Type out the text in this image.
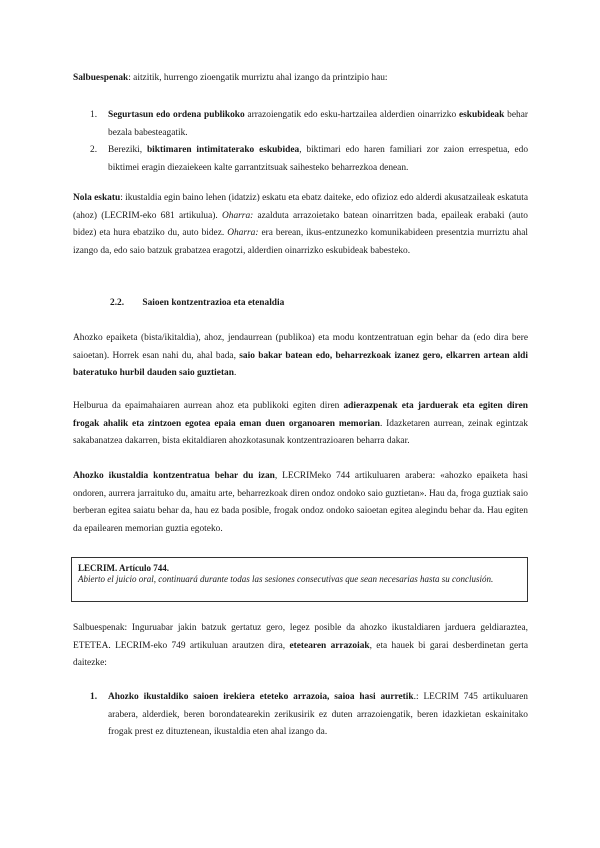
Salbuespenak: aitzitik, hurrengo zioengatik murriztu ahal izango da printzipio hau:

1. Segurtasun edo ordena publikoko arrazoiengatik edo esku-hartzailea alderdien oinarrizko eskubideak behar bezala babesteagatik.

2. Bereziki, biktimaren intimitaterako eskubidea, biktimari edo haren familiari zor zaion errespetua, edo biktimei eragin diezaiekeen kalte garrantzitsuak saihesteko beharrezkoa denean.

Nola eskatu: ikustaldia egin baino lehen (idatziz) eskatu eta ebatz daiteke, edo ofizioz edo alderdi akusatzaileak eskatuta (ahoz) (LECRIM-eko 681 artikulua). Oharra: azalduta arrazoietako batean oinarritzen bada, epaileak erabaki (auto bidez) eta hura ebatziko du, auto bidez. Oharra: era berean, ikus-entzunezko komunikabideen presentzia murriztu ahal izango da, edo saio batzuk grabatzea eragotzi, alderdien oinarrizko eskubideak babesteko.

2.2. Saioen kontzentrazioa eta etenaldia

Ahozko epaiketa (bista/ikitaldia), ahoz, jendaurrean (publikoa) eta modu kontzentratuan egin behar da (edo dira bere saioetan). Horrek esan nahi du, ahal bada, saio bakar batean edo, beharrezkoak izanez gero, elkarren artean aldi bateratuko hurbil dauden saio guztietan.

Helburua da epaimahaiaren aurrean ahoz eta publikoki egiten diren adierazpenak eta jarduerak eta egiten diren frogak ahalik eta zintzoen egotea epaia eman duen organoaren memorian. Idazketaren aurrean, zeinak egintzak sakabanatzea dakarren, bista ekitaldiaren ahozkotasunak kontzentrazioaren beharra dakar.

Ahozko ikustaldia kontzentratua behar du izan, LECRIMeko 744 artikuluaren arabera: «ahozko epaiketa hasi ondoren, aurrera jarraituko du, amaitu arte, beharrezkoak diren ondoz ondoko saio guztietan». Hau da, froga guztiak saio berberan egitea saiatu behar da, hau ez bada posible, frogak ondoz ondoko saioetan egitea alegindu behar da. Hau egiten da epailearen memorian guztia egoteko.

LECRIM. Artículo 744.
Abierto el juicio oral, continuará durante todas las sesiones consecutivas que sean necesarias hasta su conclusión.

Salbuespenak: Inguruabar jakin batzuk gertatuz gero, legez posible da ahozko ikustaldiaren jarduera geldiaraztea, ETETEA. LECRIM-eko 749 artikuluan arautzen dira, etetearen arrazoiak, eta hauek bi garai desberdinetan gerta daitezke:

1. Ahozko ikustaldiko saioen irekiera eteteko arrazoia, saioa hasi aurretik.: LECRIM 745 artikuluaren arabera, alderdiek, beren borondatearekin zerikusirik ez duten arrazoiengatik, beren idazkietan eskainitako frogak prest ez dituztenean, ikustaldia eten ahal izango da.
